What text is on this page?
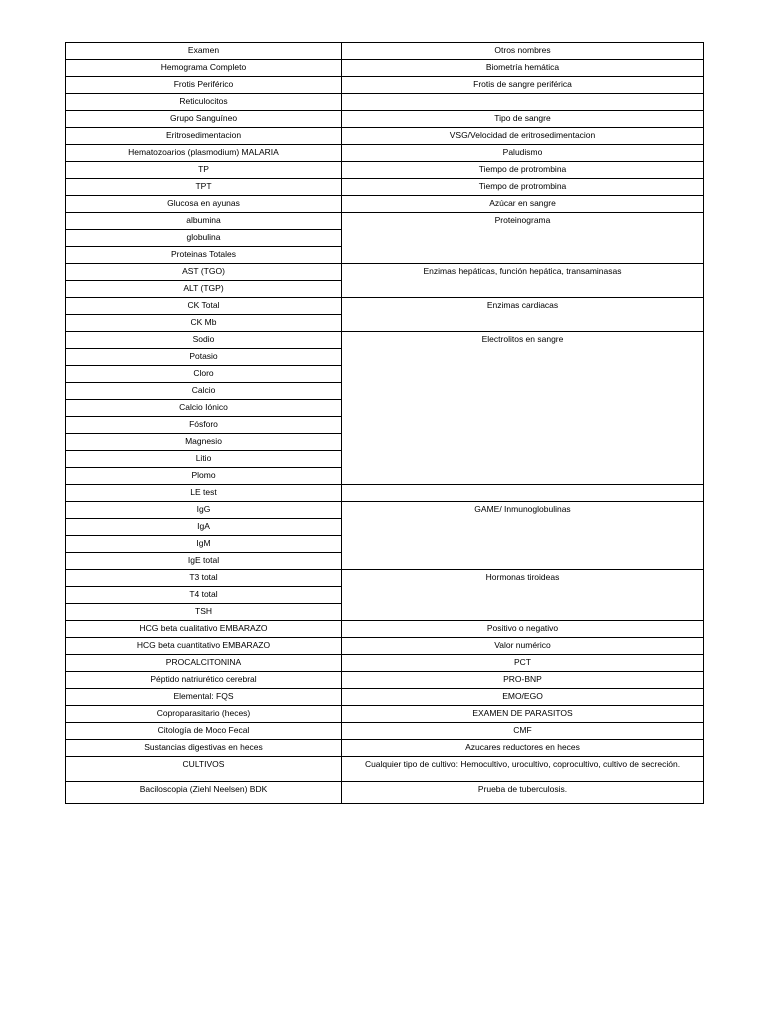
Examen	Otros nombres
Hemograma Completo	Biometría hemática
Frotis Periférico	Frotis de sangre periférica
Reticulocitos	
Grupo Sanguíneo	Tipo de sangre
Eritrosedimentacion	VSG/Velocidad de eritrosedimentacion
Hematozoarios (plasmodium) MALARIA	Paludismo
TP	Tiempo de protrombina
TPT	Tiempo de protrombina
Glucosa en ayunas	Azúcar en sangre
albumina	Proteinograma
globulina	
Proteinas Totales	
AST (TGO)	Enzimas hepáticas, función hepática, transaminasas
ALT (TGP)	
CK Total	Enzimas cardiacas
CK Mb	
Sodio	Electrolitos en sangre
Potasio	
Cloro	
Calcio	
Calcio Iónico	
Fósforo	
Magnesio	
Litio	
Plomo	
LE test	
IgG	GAME/ Inmunoglobulinas
IgA	
IgM	
IgE total	
T3 total	Hormonas tiroideas
T4 total	
TSH	
HCG beta cualitativo EMBARAZO	Positivo o negativo
HCG beta cuantitativo EMBARAZO	Valor numérico
PROCALCITONINA	PCT
Péptido natriurético cerebral	PRO-BNP
Elemental: FQS	EMO/EGO
Coproparasitario (heces)	EXAMEN DE PARASITOS
Citología de Moco Fecal	CMF
Sustancias digestivas en heces	Azucares reductores en heces
CULTIVOS	Cualquier tipo de cultivo: Hemocultivo, urocultivo, coprocultivo, cultivo de secreción.
Baciloscopia (Ziehl Neelsen) BDK	Prueba de tuberculosis.
